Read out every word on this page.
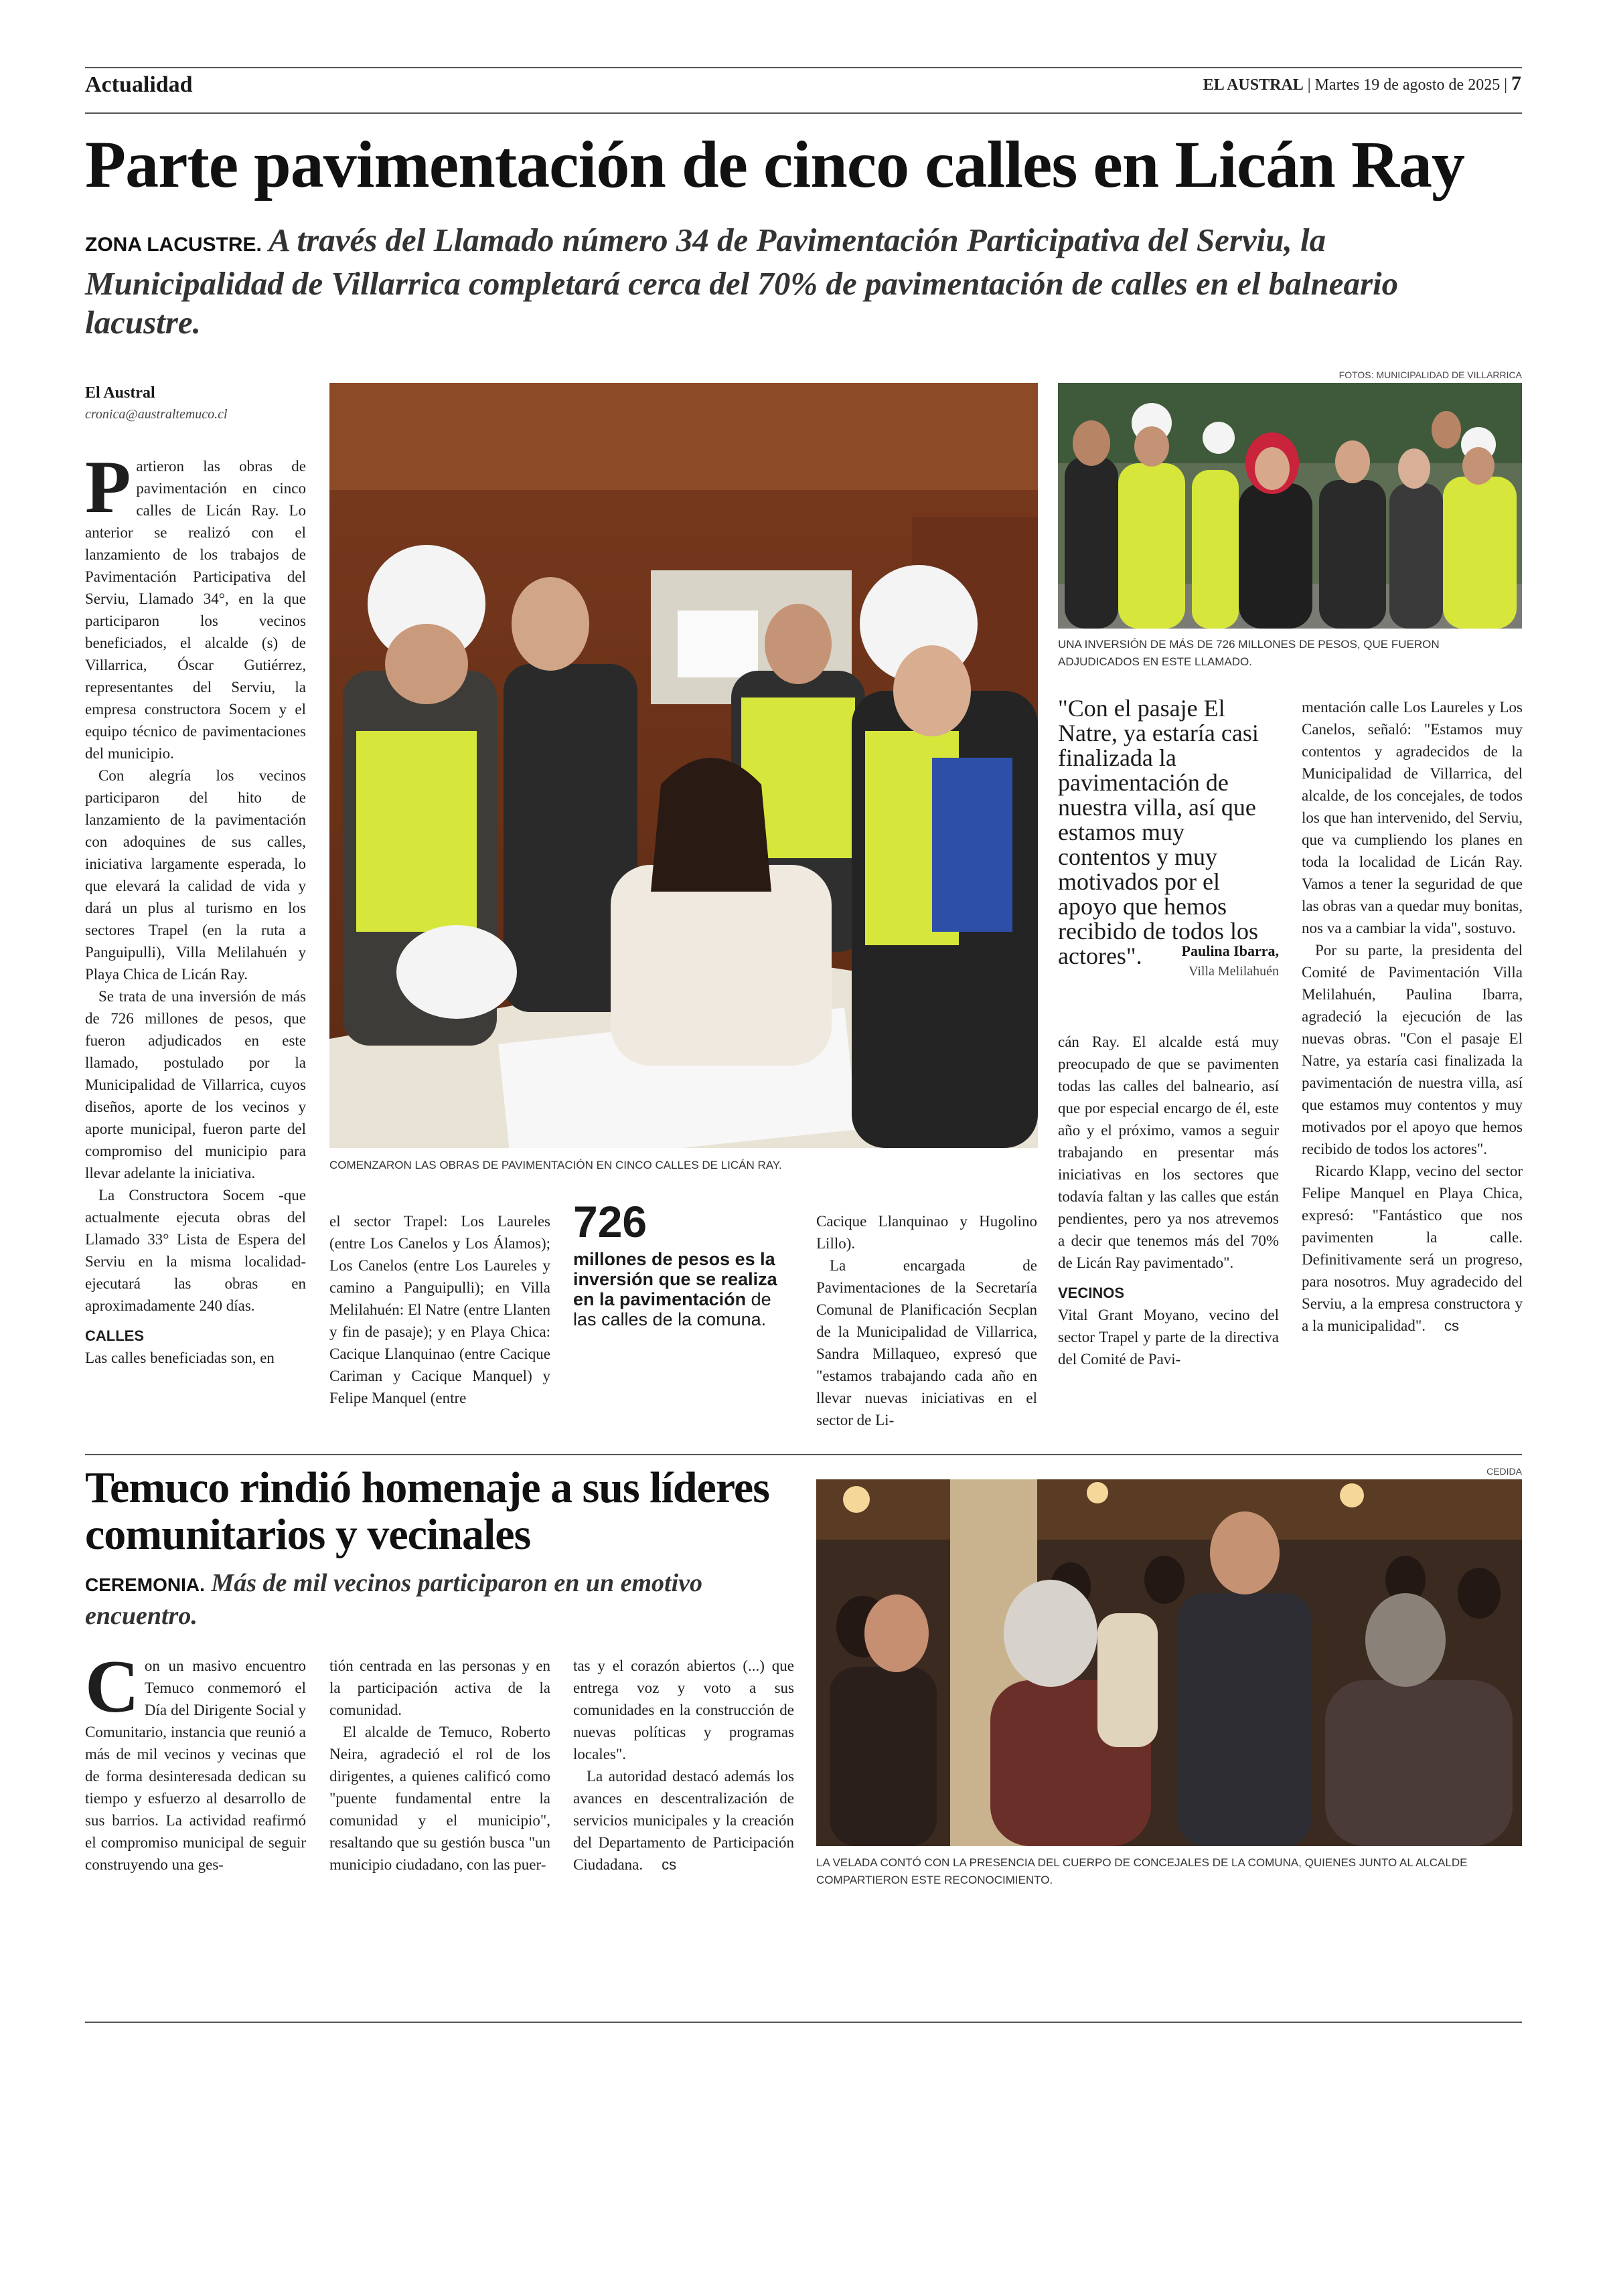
Actualidad	EL AUSTRAL | Martes 19 de agosto de 2025 | 7
Parte pavimentación de cinco calles en Licán Ray
ZONA LACUSTRE. A través del Llamado número 34 de Pavimentación Participativa del Serviu, la Municipalidad de Villarrica completará cerca del 70% de pavimentación de calles en el balneario lacustre.
El Austral
cronica@australtemuco.cl
COMENZARON LAS OBRAS DE PAVIMENTACIÓN EN CINCO CALLES DE LICÁN RAY.
FOTOS: MUNICIPALIDAD DE VILLARRICA
UNA INVERSIÓN DE MÁS DE 726 MILLONES DE PESOS, QUE FUERON ADJUDICADOS EN ESTE LLAMADO.

Partieron las obras de pavimentación en cinco calles de Licán Ray. Lo anterior se realizó con el lanzamiento de los trabajos de Pavimentación Participativa del Serviu, Llamado 34°, en la que participaron los vecinos beneficiados, el alcalde (s) de Villarrica, Óscar Gutiérrez, representantes del Serviu, la empresa constructora Socem y el equipo técnico de pavimentaciones del municipio.

Con alegría los vecinos participaron del hito de lanzamiento de la pavimentación con adoquines de sus calles, iniciativa largamente esperada, lo que elevará la calidad de vida y dará un plus al turismo en los sectores Trapel (en la ruta a Panguipulli), Villa Melilahuén y Playa Chica de Licán Ray.

Se trata de una inversión de más de 726 millones de pesos, que fueron adjudicados en este llamado, postulado por la Municipalidad de Villarrica, cuyos diseños, aporte de los vecinos y aporte municipal, fueron parte del compromiso del municipio para llevar adelante la iniciativa.

La Constructora Socem -que actualmente ejecuta obras del Llamado 33° Lista de Espera del Serviu en la misma localidad- ejecutará las obras en aproximadamente 240 días.

CALLES

Las calles beneficiadas son, en

el sector Trapel: Los Laureles (entre Los Canelos y Los Álamos); Los Canelos (entre Los Laureles y camino a Panguipulli); en Villa Melilahuén: El Natre (entre Llanten y fin de pasaje); y en Playa Chica: Cacique Llanquinao (entre Cacique Cariman y Cacique Manquel) y Felipe Manquel (entre

726
millones de pesos es la inversión que se realiza en la pavimentación de las calles de la comuna.

Cacique Llanquinao y Hugolino Lillo).

La encargada de Pavimentaciones de la Secretaría Comunal de Planificación Secplan de la Municipalidad de Villarrica, Sandra Millaqueo, expresó que "estamos trabajando cada año en llevar nuevas iniciativas en el sector de Li-

"Con el pasaje El Natre, ya estaría casi finalizada la pavimentación de nuestra villa, así que estamos muy contentos y muy motivados por el apoyo que hemos recibido de todos los actores".	Paulina Ibarra,
Villa Melilahuén

cán Ray. El alcalde está muy preocupado de que se pavimenten todas las calles del balneario, así que por especial encargo de él, este año y el próximo, vamos a seguir trabajando en presentar más iniciativas en los sectores que todavía faltan y las calles que están pendientes, pero ya nos atrevemos a decir que tenemos más del 70% de Licán Ray pavimentado".

VECINOS

Vital Grant Moyano, vecino del sector Trapel y parte de la directiva del Comité de Pavi-

mentación calle Los Laureles y Los Canelos, señaló: "Estamos muy contentos y agradecidos de la Municipalidad de Villarrica, del alcalde, de los concejales, de todos los que han intervenido, del Serviu, que va cumpliendo los planes en toda la localidad de Licán Ray. Vamos a tener la seguridad de que las obras van a quedar muy bonitas, nos va a cambiar la vida", sostuvo.

Por su parte, la presidenta del Comité de Pavimentación Villa Melilahuén, Paulina Ibarra, agradeció la ejecución de las nuevas obras. "Con el pasaje El Natre, ya estaría casi finalizada la pavimentación de nuestra villa, así que estamos muy contentos y muy motivados por el apoyo que hemos recibido de todos los actores".

Ricardo Klapp, vecino del sector Felipe Manquel en Playa Chica, expresó: "Fantástico que nos pavimenten la calle. Definitivamente será un progreso, para nosotros. Muy agradecido del Serviu, a la empresa constructora y a la municipalidad". cs

Temuco rindió homenaje a sus líderes comunitarios y vecinales
CEREMONIA. Más de mil vecinos participaron en un emotivo encuentro.

Con un masivo encuentro Temuco conmemoró el Día del Dirigente Social y Comunitario, instancia que reunió a más de mil vecinos y vecinas que de forma desinteresada dedican su tiempo y esfuerzo al desarrollo de sus barrios. La actividad reafirmó el compromiso municipal de seguir construyendo una ges-

tión centrada en las personas y en la participación activa de la comunidad.

El alcalde de Temuco, Roberto Neira, agradeció el rol de los dirigentes, a quienes calificó como "puente fundamental entre la comunidad y el municipio", resaltando que su gestión busca "un municipio ciudadano, con las puer-

tas y el corazón abiertos (...) que entrega voz y voto a sus comunidades en la construcción de nuevas políticas y programas locales".

La autoridad destacó además los avances en descentralización de servicios municipales y la creación del Departamento de Participación Ciudadana. cs

CEDIDA
LA VELADA CONTÓ CON LA PRESENCIA DEL CUERPO DE CONCEJALES DE LA COMUNA, QUIENES JUNTO AL ALCALDE COMPARTIERON ESTE RECONOCIMIENTO.
